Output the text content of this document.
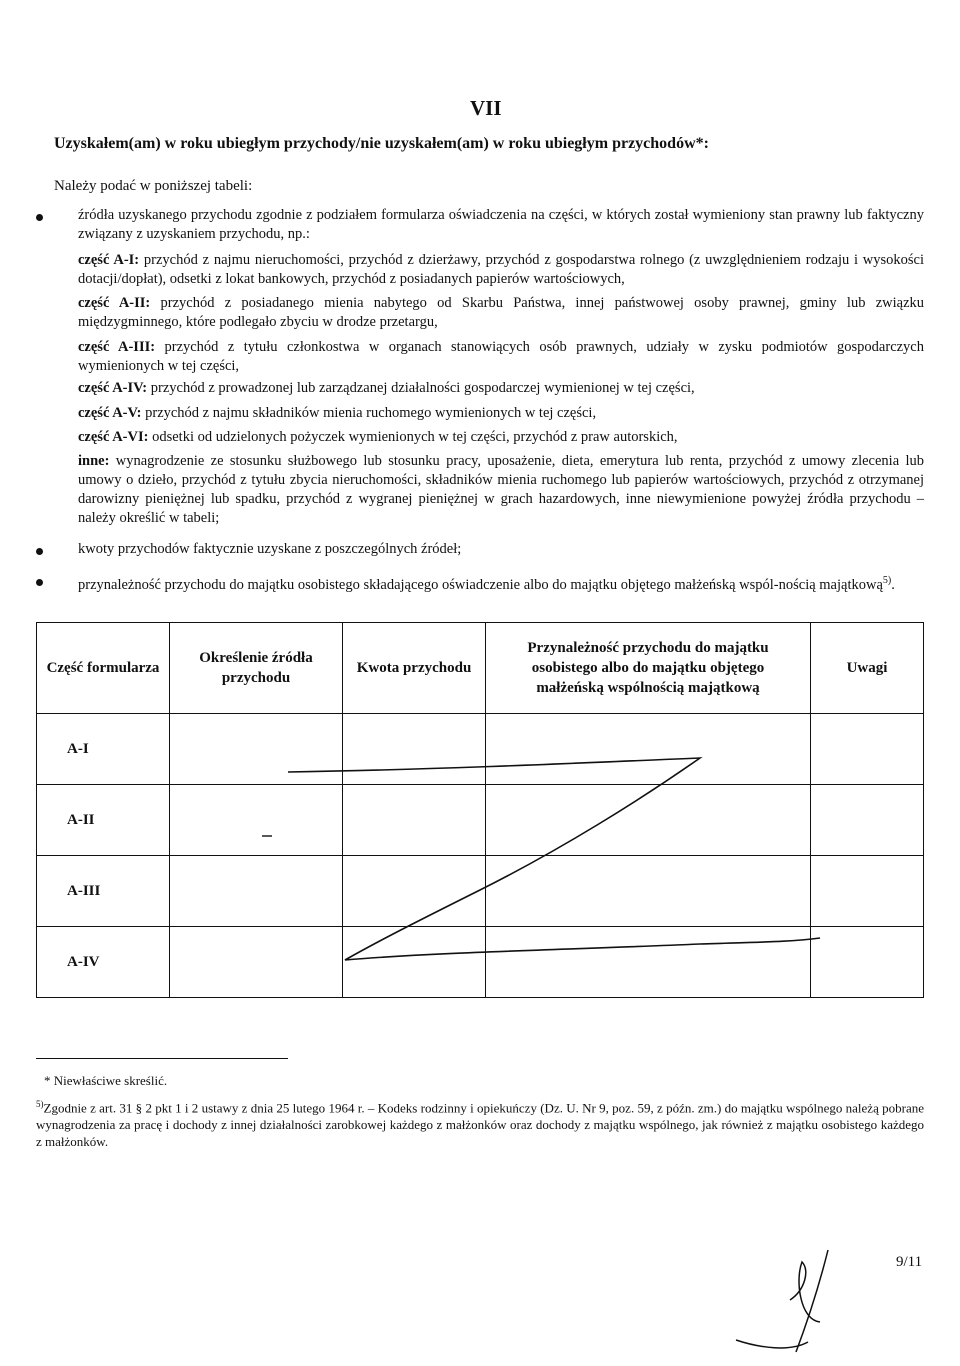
VII
Uzyskałem(am) w roku ubiegłym przychody/nie uzyskałem(am) w roku ubiegłym przychodów*:
Należy podać w poniższej tabeli:
źródła uzyskanego przychodu zgodnie z podziałem formularza oświadczenia na części, w których został wymieniony stan prawny lub faktyczny związany z uzyskaniem przychodu, np.:
część A-I: przychód z najmu nieruchomości, przychód z dzierżawy, przychód z gospodarstwa rolnego (z uwzględnieniem rodzaju i wysokości dotacji/dopłat), odsetki z lokat bankowych, przychód z posiadanych papierów wartościowych,
część A-II: przychód z posiadanego mienia nabytego od Skarbu Państwa, innej państwowej osoby prawnej, gminy lub związku międzygminnego, które podlegało zbyciu w drodze przetargu,
część A-III: przychód z tytułu członkostwa w organach stanowiących osób prawnych, udziały w zysku podmiotów gospodarczych wymienionych w tej części,
część A-IV: przychód z prowadzonej lub zarządzanej działalności gospodarczej wymienionej w tej części,
część A-V: przychód z najmu składników mienia ruchomego wymienionych w tej części,
część A-VI: odsetki od udzielonych pożyczek wymienionych w tej części, przychód z praw autorskich,
inne: wynagrodzenie ze stosunku służbowego lub stosunku pracy, uposażenie, dieta, emerytura lub renta, przychód z umowy zlecenia lub umowy o dzieło, przychód z tytułu zbycia nieruchomości, składników mienia ruchomego lub papierów wartościowych, przychód z otrzymanej darowizny pieniężnej lub spadku, przychód z wygranej pieniężnej w grach hazardowych, inne niewymienione powyżej źródła przychodu – należy określić w tabeli;
kwoty przychodów faktycznie uzyskane z poszczególnych źródeł;
przynależność przychodu do majątku osobistego składającego oświadczenie albo do majątku objętego małżeńską wspól-nością majątkową$^{5)}$.
Część formularza	Określenie źródła przychodu	Kwota przychodu	Przynależność przychodu do majątku osobistego albo do majątku objętego małżeńską wspólnością majątkową	Uwagi
A-I				
A-II				
A-III				
A-IV				
* Niewłaściwe skreślić.
$^{5)}$Zgodnie z art. 31 § 2 pkt 1 i 2 ustawy z dnia 25 lutego 1964 r. – Kodeks rodzinny i opiekuńczy (Dz. U. Nr 9, poz. 59, z późn. zm.) do majątku wspólnego należą pobrane wynagrodzenia za pracę i dochody z innej działalności zarobkowej każdego z małżonków oraz dochody z majątku wspólnego, jak również z majątku osobistego każdego z małżonków.
9/11
